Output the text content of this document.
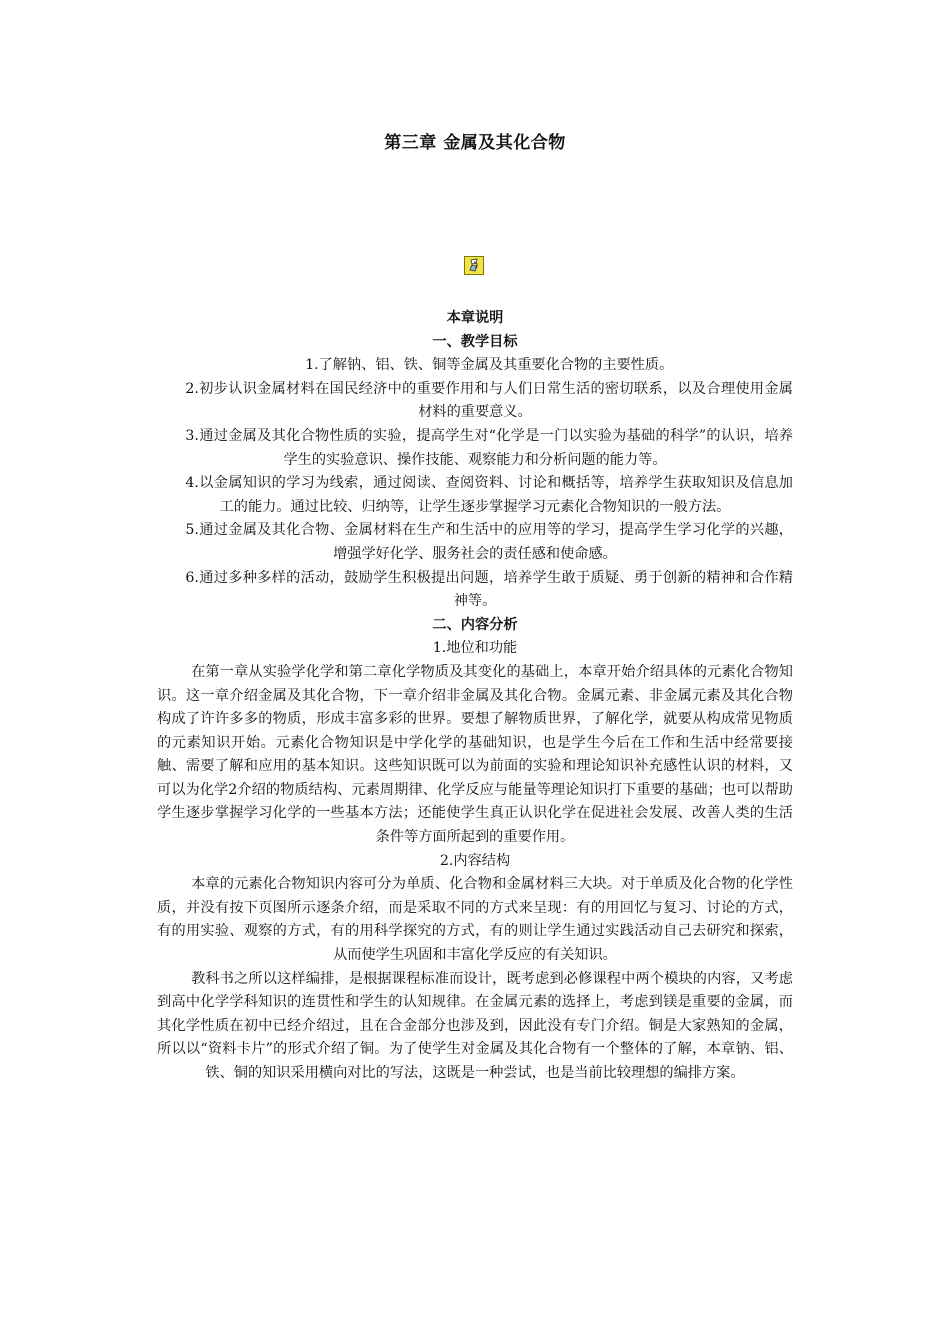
第三章 金属及其化合物

本章说明

一、教学目标

1.了解钠、铝、铁、铜等金属及其重要化合物的主要性质。

2.初步认识金属材料在国民经济中的重要作用和与人们日常生活的密切联系，以及合理使用金属材料的重要意义。

3.通过金属及其化合物性质的实验，提高学生对“化学是一门以实验为基础的科学”的认识，培养学生的实验意识、操作技能、观察能力和分析问题的能力等。

4.以金属知识的学习为线索，通过阅读、查阅资料、讨论和概括等，培养学生获取知识及信息加工的能力。通过比较、归纳等，让学生逐步掌握学习元素化合物知识的一般方法。

5.通过金属及其化合物、金属材料在生产和生活中的应用等的学习，提高学生学习化学的兴趣，增强学好化学、服务社会的责任感和使命感。

6.通过多种多样的活动，鼓励学生积极提出问题，培养学生敢于质疑、勇于创新的精神和合作精神等。

二、内容分析

1.地位和功能

在第一章从实验学化学和第二章化学物质及其变化的基础上，本章开始介绍具体的元素化合物知识。这一章介绍金属及其化合物，下一章介绍非金属及其化合物。金属元素、非金属元素及其化合物构成了许许多多的物质，形成丰富多彩的世界。要想了解物质世界，了解化学，就要从构成常见物质的元素知识开始。元素化合物知识是中学化学的基础知识，也是学生今后在工作和生活中经常要接触、需要了解和应用的基本知识。这些知识既可以为前面的实验和理论知识补充感性认识的材料，又可以为化学2介绍的物质结构、元素周期律、化学反应与能量等理论知识打下重要的基础；也可以帮助学生逐步掌握学习化学的一些基本方法；还能使学生真正认识化学在促进社会发展、改善人类的生活条件等方面所起到的重要作用。

2.内容结构

本章的元素化合物知识内容可分为单质、化合物和金属材料三大块。对于单质及化合物的化学性质，并没有按下页图所示逐条介绍，而是采取不同的方式来呈现：有的用回忆与复习、讨论的方式，有的用实验、观察的方式，有的用科学探究的方式，有的则让学生通过实践活动自己去研究和探索，从而使学生巩固和丰富化学反应的有关知识。

教科书之所以这样编排，是根据课程标准而设计，既考虑到必修课程中两个模块的内容，又考虑到高中化学学科知识的连贯性和学生的认知规律。在金属元素的选择上，考虑到镁是重要的金属，而其化学性质在初中已经介绍过，且在合金部分也涉及到，因此没有专门介绍。铜是大家熟知的金属，所以以“资料卡片”的形式介绍了铜。为了使学生对金属及其化合物有一个整体的了解，本章钠、铝、铁、铜的知识采用横向对比的写法，这既是一种尝试，也是当前比较理想的编排方案。
